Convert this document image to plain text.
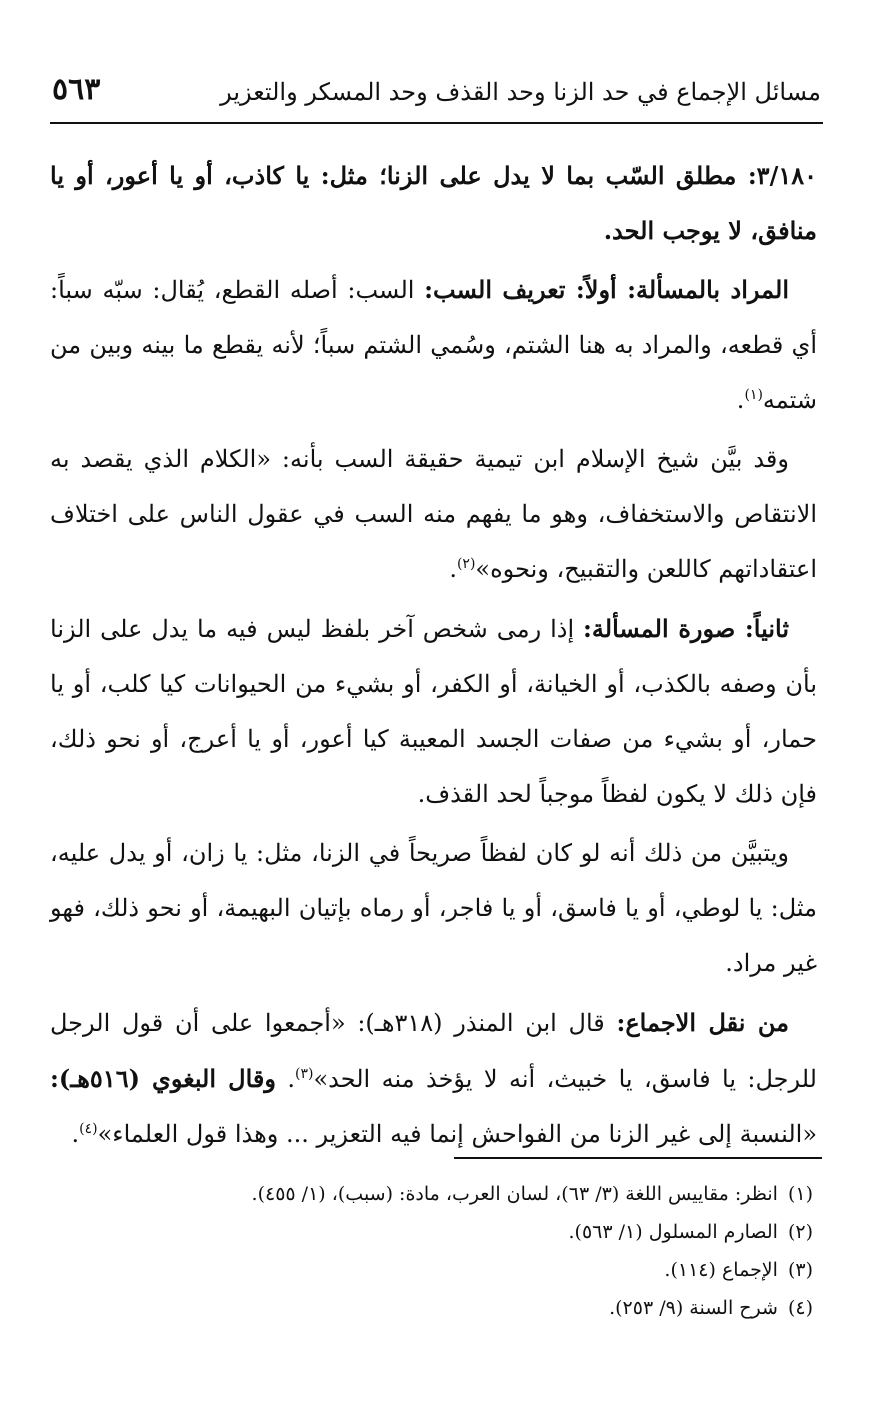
مسائل الإجماع في حد الزنا وحد القذف وحد المسكر والتعزير
٥٦٣

٣/١٨٠: مطلق السّب بما لا يدل على الزنا؛ مثل: يا كاذب، أو يا أعور، أو يا منافق، لا يوجب الحد.

المراد بالمسألة: أولاً: تعريف السب: السب: أصله القطع، يُقال: سبّه سباً: أي قطعه، والمراد به هنا الشتم، وسُمي الشتم سباً؛ لأنه يقطع ما بينه وبين من شتمه$^{(١)}$.

وقد بيَّن شيخ الإسلام ابن تيمية حقيقة السب بأنه: «الكلام الذي يقصد به الانتقاص والاستخفاف، وهو ما يفهم منه السب في عقول الناس على اختلاف اعتقاداتهم كاللعن والتقبيح، ونحوه»$^{(٢)}$.

ثانياً: صورة المسألة: إذا رمى شخص آخر بلفظ ليس فيه ما يدل على الزنا بأن وصفه بالكذب، أو الخيانة، أو الكفر، أو بشيء من الحيوانات كيا كلب، أو يا حمار، أو بشيء من صفات الجسد المعيبة كيا أعور، أو يا أعرج، أو نحو ذلك، فإن ذلك لا يكون لفظاً موجباً لحد القذف.

ويتبيَّن من ذلك أنه لو كان لفظاً صريحاً في الزنا، مثل: يا زان، أو يدل عليه، مثل: يا لوطي، أو يا فاسق، أو يا فاجر، أو رماه بإتيان البهيمة، أو نحو ذلك، فهو غير مراد.

من نقل الاجماع: قال ابن المنذر (٣١٨هـ): «أجمعوا على أن قول الرجل للرجل: يا فاسق، يا خبيث، أنه لا يؤخذ منه الحد»$^{(٣)}$. وقال البغوي (٥١٦هـ): «النسبة إلى غير الزنا من الفواحش إنما فيه التعزير ... وهذا قول العلماء»$^{(٤)}$.

(١)انظر: مقاييس اللغة (٣/ ٦٣)، لسان العرب، مادة: (سبب)، (١/ ٤٥٥).
(٢)الصارم المسلول (١/ ٥٦٣).
(٣)الإجماع (١١٤).
(٤)شرح السنة (٩/ ٢٥٣).
